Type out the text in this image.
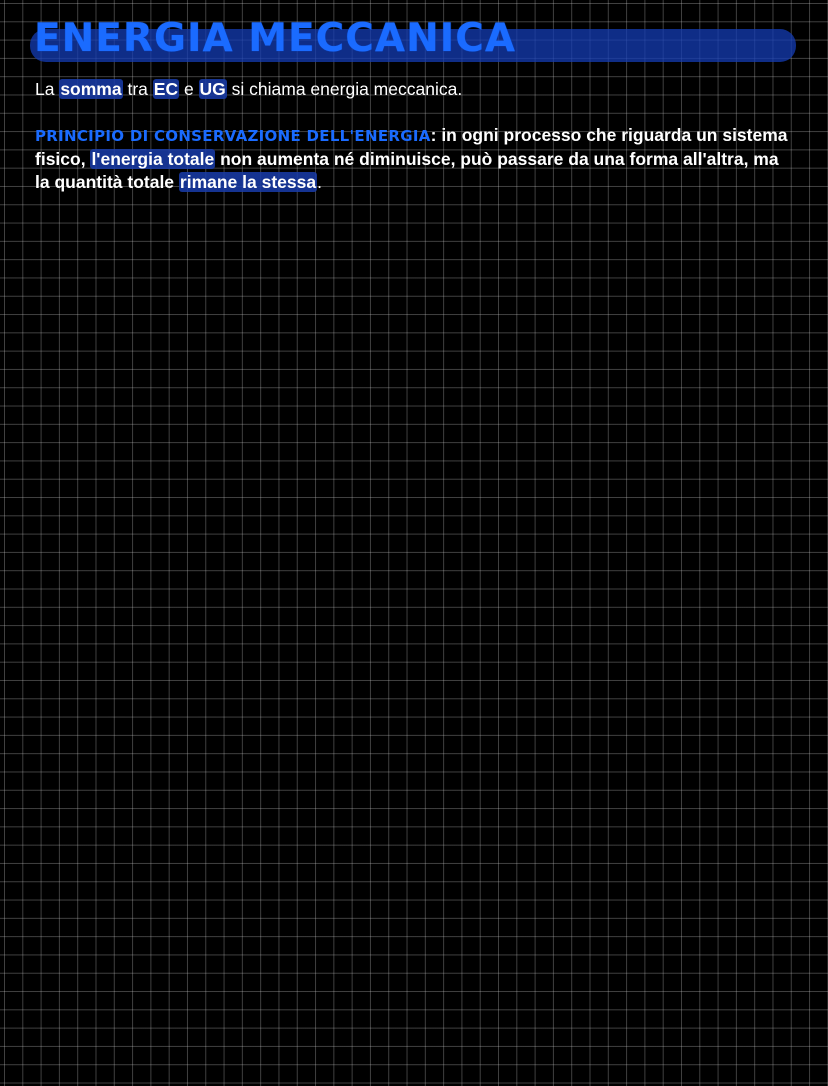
ENERGIA MECCANICA

La somma tra EC e UG si chiama energia meccanica.

PRINCIPIO DI CONSERVAZIONE DELL'ENERGIA: in ogni processo che riguarda un sistema fisico, l'energia totale non aumenta né diminuisce, può passare da una forma all'altra, ma la quantità totale rimane la stessa.
